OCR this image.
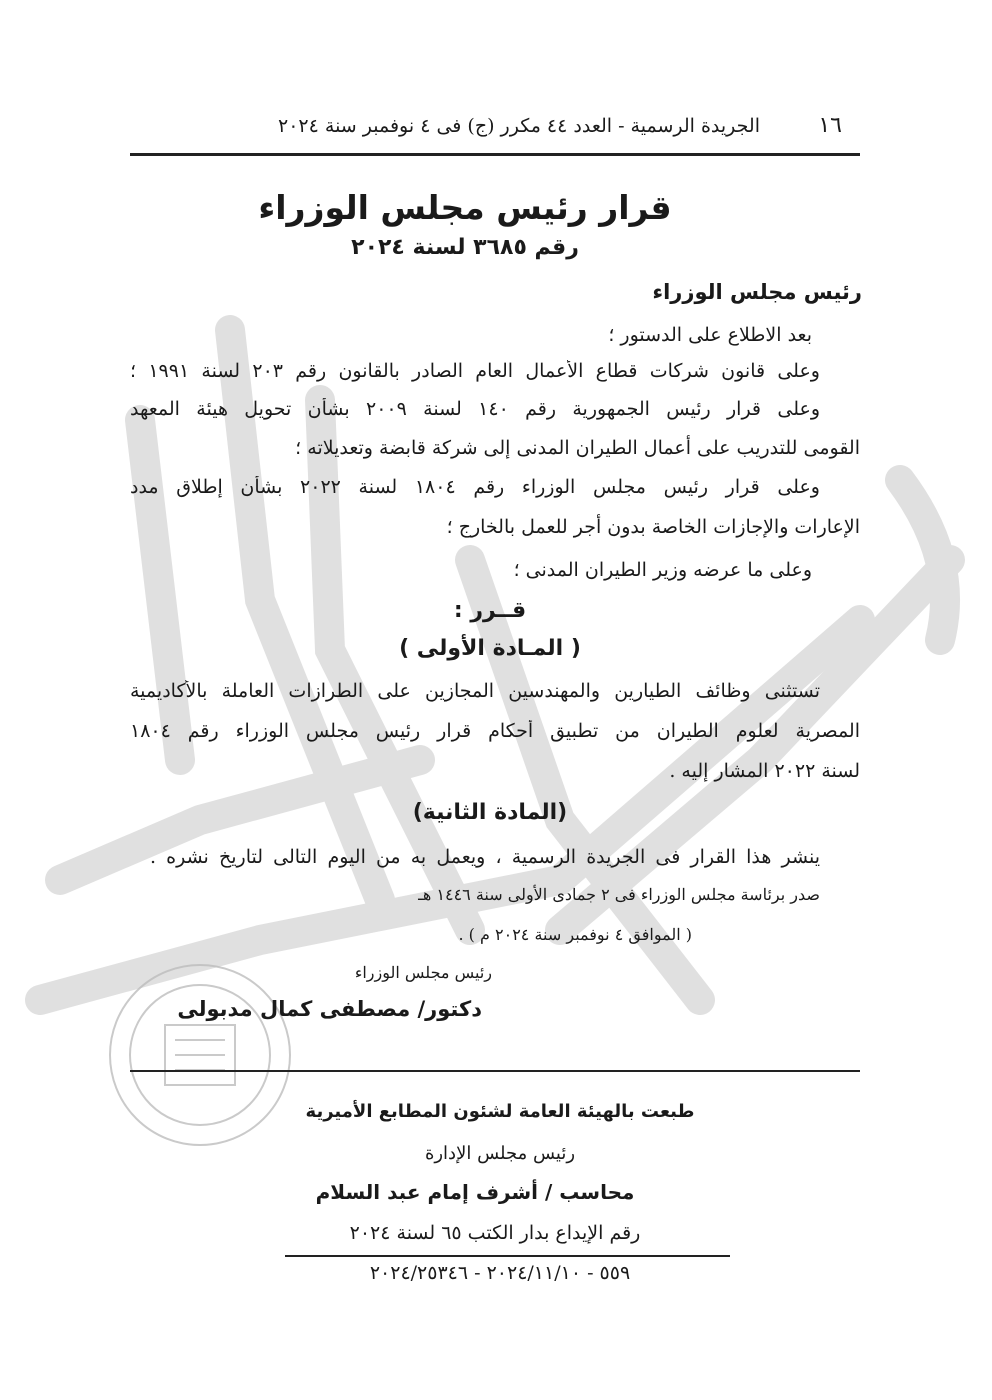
١٦
الجريدة الرسمية - العدد ٤٤ مكرر (ج) فى ٤ نوفمبر سنة ٢٠٢٤
قرار رئيس مجلس الوزراء
رقم ٣٦٨٥ لسنة ٢٠٢٤
رئيس مجلس الوزراء
بعد الاطلاع على الدستور ؛
وعلى قانون شركات قطاع الأعمال العام الصادر بالقانون رقم ٢٠٣ لسنة ١٩٩١ ؛
وعلى قرار رئيس الجمهورية رقم ١٤٠ لسنة ٢٠٠٩ بشأن تحويل هيئة المعهد
القومى للتدريب على أعمال الطيران المدنى إلى شركة قابضة وتعديلاته ؛
وعلى قرار رئيس مجلس الوزراء رقم ١٨٠٤ لسنة ٢٠٢٢ بشأن إطلاق مدد
الإعارات والإجازات الخاصة بدون أجر للعمل بالخارج ؛
وعلى ما عرضه وزير الطيران المدنى ؛
قــرر :
( المـادة الأولى )
تستثنى وظائف الطيارين والمهندسين المجازين على الطرازات العاملة بالأكاديمية
المصرية لعلوم الطيران من تطبيق أحكام قرار رئيس مجلس الوزراء رقم ١٨٠٤
لسنة ٢٠٢٢ المشار إليه .
(المادة الثانية)
ينشر هذا القرار فى الجريدة الرسمية ، ويعمل به من اليوم التالى لتاريخ نشره .
صدر برئاسة مجلس الوزراء فى ٢ جمادى الأولى سنة ١٤٤٦ هـ
( الموافق ٤ نوفمبر سنة ٢٠٢٤ م ) .
رئيس مجلس الوزراء
دكتور/ مصطفى كمال مدبولى
طبعت بالهيئة العامة لشئون المطابع الأميرية
رئيس مجلس الإدارة
محاسب / أشرف إمام عبد السلام
رقم الإيداع بدار الكتب ٦٥ لسنة ٢٠٢٤
٥٥٩ - ٢٠٢٤/١١/١٠ - ٢٠٢٤/٢٥٣٤٦
